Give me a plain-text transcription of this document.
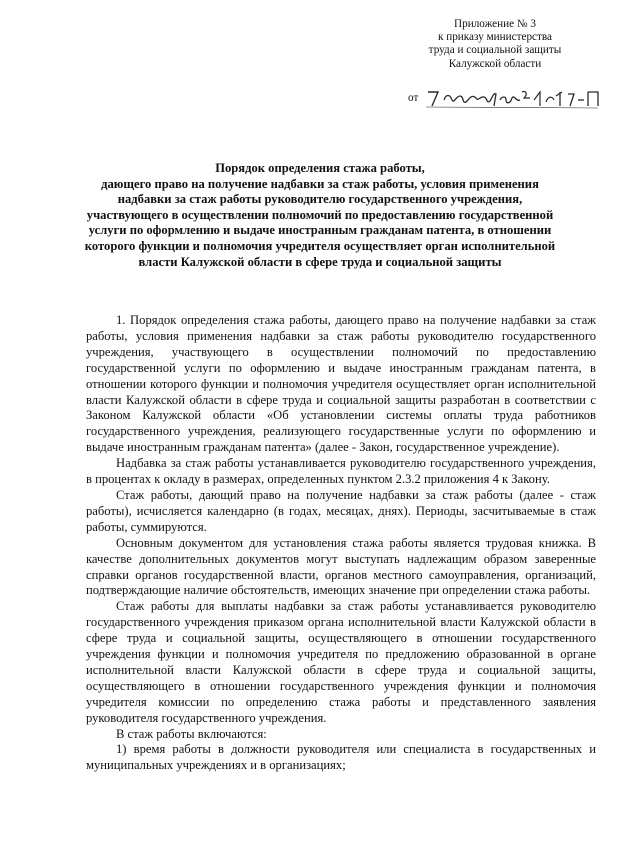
Приложение № 3
к приказу министерства
труда и социальной защиты
Калужской области
от
Порядок определения стажа работы,
дающего право на получение надбавки за стаж работы, условия применения
надбавки за стаж работы руководителю государственного учреждения,
участвующего в осуществлении полномочий по предоставлению государственной
услуги по оформлению и выдаче иностранным гражданам патента, в отношении
которого функции и полномочия учредителя осуществляет орган исполнительной
власти Калужской области в сфере труда и социальной защиты

1. Порядок определения стажа работы, дающего право на получение надбавки за стаж работы, условия применения надбавки за стаж работы руководителю государственного учреждения, участвующего в осуществлении полномочий по предоставлению государственной услуги по оформлению и выдаче иностранным гражданам патента, в отношении которого функции и полномочия учредителя осуществляет орган исполнительной власти Калужской области в сфере труда и социальной защиты разработан в соответствии с Законом Калужской области «Об установлении системы оплаты труда работников государственного учреждения, реализующего государственные услуги по оформлению и выдаче иностранным гражданам патента» (далее - Закон, государственное учреждение).

Надбавка за стаж работы устанавливается руководителю государственного учреждения, в процентах к окладу в размерах, определенных пунктом 2.3.2 приложения 4 к Закону.

Стаж работы, дающий право на получение надбавки за стаж работы (далее - стаж работы), исчисляется календарно (в годах, месяцах, днях). Периоды, засчитываемые в стаж работы, суммируются.

Основным документом для установления стажа работы является трудовая книжка. В качестве дополнительных документов могут выступать надлежащим образом заверенные справки органов государственной власти, органов местного самоуправления, организаций, подтверждающие наличие обстоятельств, имеющих значение при определении стажа работы.

Стаж работы для выплаты надбавки за стаж работы устанавливается руководителю государственного учреждения приказом органа исполнительной власти Калужской области в сфере труда и социальной защиты, осуществляющего в отношении государственного учреждения функции и полномочия учредителя по предложению образованной в органе исполнительной власти Калужской области в сфере труда и социальной защиты, осуществляющего в отношении государственного учреждения функции и полномочия учредителя комиссии по определению стажа работы и представленного заявления руководителя государственного учреждения.

В стаж работы включаются:

1) время работы в должности руководителя или специалиста в государственных и муниципальных учреждениях и в организациях;
